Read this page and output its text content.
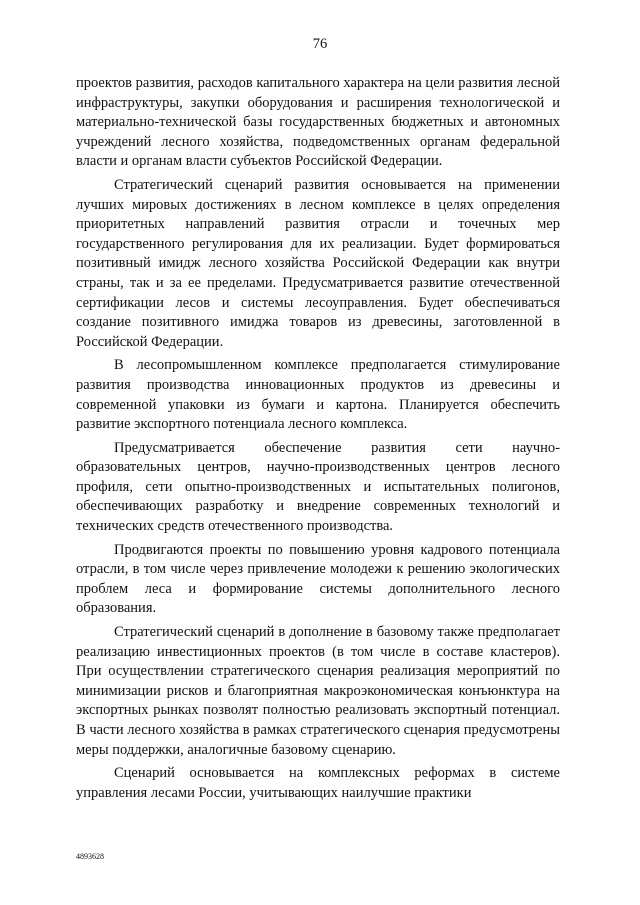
76

проектов развития, расходов капитального характера на цели развития лесной инфраструктуры, закупки оборудования и расширения технологической и материально-технической базы государственных бюджетных и автономных учреждений лесного хозяйства, подведомственных органам федеральной власти и органам власти субъектов Российской Федерации.

Стратегический сценарий развития основывается на применении лучших мировых достижениях в лесном комплексе в целях определения приоритетных направлений развития отрасли и точечных мер государственного регулирования для их реализации. Будет формироваться позитивный имидж лесного хозяйства Российской Федерации как внутри страны, так и за ее пределами. Предусматривается развитие отечественной сертификации лесов и системы лесоуправления. Будет обеспечиваться создание позитивного имиджа товаров из древесины, заготовленной в Российской Федерации.

В лесопромышленном комплексе предполагается стимулирование развития производства инновационных продуктов из древесины и современной упаковки из бумаги и картона. Планируется обеспечить развитие экспортного потенциала лесного комплекса.

Предусматривается обеспечение развития сети научно-образовательных центров, научно-производственных центров лесного профиля, сети опытно-производственных и испытательных полигонов, обеспечивающих разработку и внедрение современных технологий и технических средств отечественного производства.

Продвигаются проекты по повышению уровня кадрового потенциала отрасли, в том числе через привлечение молодежи к решению экологических проблем леса и формирование системы дополнительного лесного образования.

Стратегический сценарий в дополнение в базовому также предполагает реализацию инвестиционных проектов (в том числе в составе кластеров). При осуществлении стратегического сценария реализация мероприятий по минимизации рисков и благоприятная макроэкономическая конъюнктура на экспортных рынках позволят полностью реализовать экспортный потенциал. В части лесного хозяйства в рамках стратегического сценария предусмотрены меры поддержки, аналогичные базовому сценарию.

Сценарий основывается на комплексных реформах в системе управления лесами России, учитывающих наилучшие практики

4893628
